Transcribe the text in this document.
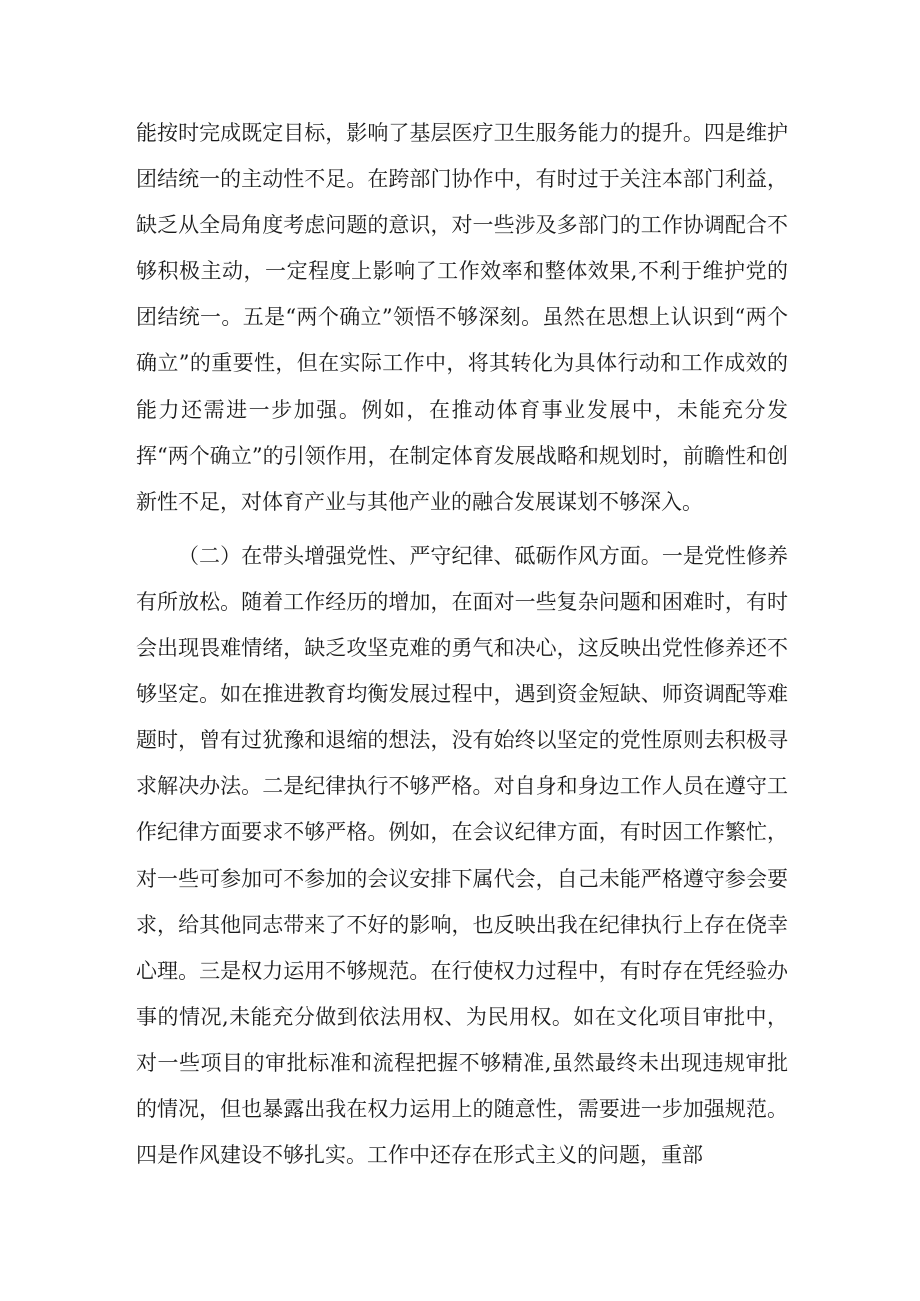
能按时完成既定目标，影响了基层医疗卫生服务能力的提升。四是维护团结统一的主动性不足。在跨部门协作中，有时过于关注本部门利益，缺乏从全局角度考虑问题的意识，对一些涉及多部门的工作协调配合不够积极主动，一定程度上影响了工作效率和整体效果,不利于维护党的团结统一。五是“两个确立”领悟不够深刻。虽然在思想上认识到“两个确立”的重要性，但在实际工作中，将其转化为具体行动和工作成效的能力还需进一步加强。例如，在推动体育事业发展中，未能充分发挥“两个确立”的引领作用，在制定体育发展战略和规划时，前瞻性和创新性不足，对体育产业与其他产业的融合发展谋划不够深入。

（二）在带头增强党性、严守纪律、砥砺作风方面。一是党性修养有所放松。随着工作经历的增加，在面对一些复杂问题和困难时，有时会出现畏难情绪，缺乏攻坚克难的勇气和决心，这反映出党性修养还不够坚定。如在推进教育均衡发展过程中，遇到资金短缺、师资调配等难题时，曾有过犹豫和退缩的想法，没有始终以坚定的党性原则去积极寻求解决办法。二是纪律执行不够严格。对自身和身边工作人员在遵守工作纪律方面要求不够严格。例如，在会议纪律方面，有时因工作繁忙，对一些可参加可不参加的会议安排下属代会，自己未能严格遵守参会要求，给其他同志带来了不好的影响，也反映出我在纪律执行上存在侥幸心理。三是权力运用不够规范。在行使权力过程中，有时存在凭经验办事的情况,未能充分做到依法用权、为民用权。如在文化项目审批中，对一些项目的审批标准和流程把握不够精准,虽然最终未出现违规审批的情况，但也暴露出我在权力运用上的随意性，需要进一步加强规范。四是作风建设不够扎实。工作中还存在形式主义的问题，重部
